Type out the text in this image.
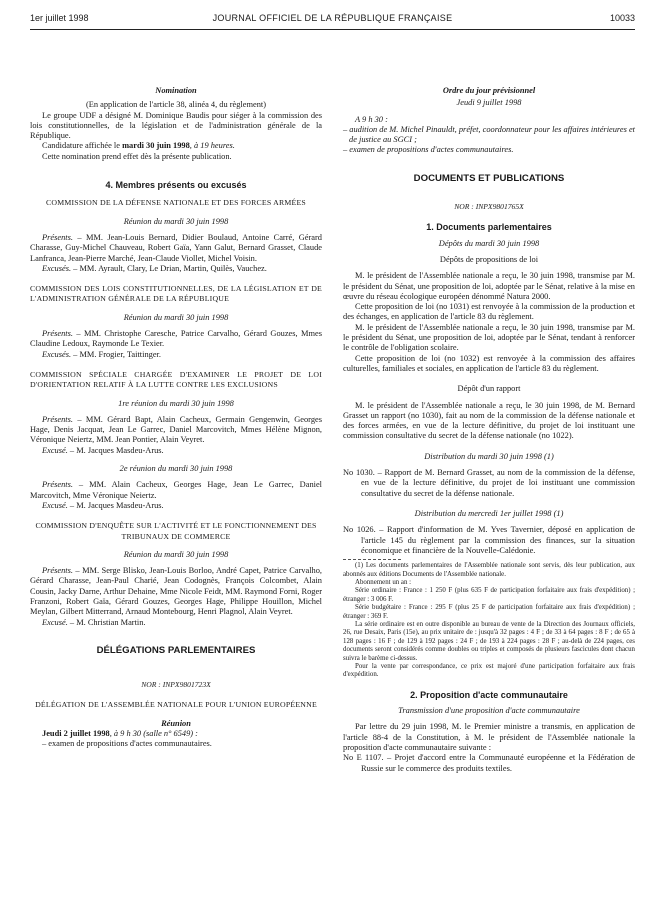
1er juillet 1998	JOURNAL OFFICIEL DE LA RÉPUBLIQUE FRANÇAISE	10033

Nomination

(En application de l'article 38, alinéa 4, du règlement)

Le groupe UDF a désigné M. Dominique Baudis pour siéger à la commission des lois constitutionnelles, de la législation et de l'administration générale de la République.

Candidature affichée le mardi 30 juin 1998, à 19 heures.

Cette nomination prend effet dès la présente publication.

4. Membres présents ou excusés

COMMISSION DE LA DÉFENSE NATIONALE ET DES FORCES ARMÉES

Réunion du mardi 30 juin 1998

Présents. – MM. Jean-Louis Bernard, Didier Boulaud, Antoine Carré, Gérard Charasse, Guy-Michel Chauveau, Robert Gaïa, Yann Galut, Bernard Grasset, Claude Lanfranca, Jean-Pierre Marché, Jean-Claude Viollet, Michel Voisin.

Excusés. – MM. Ayrault, Clary, Le Drian, Martin, Quilès, Vauchez.

COMMISSION DES LOIS CONSTITUTIONNELLES, DE LA LÉGISLATION ET DE L'ADMINISTRATION GÉNÉRALE DE LA RÉPUBLIQUE

Réunion du mardi 30 juin 1998

Présents. – MM. Christophe Caresche, Patrice Carvalho, Gérard Gouzes, Mmes Claudine Ledoux, Raymonde Le Texier.

Excusés. – MM. Frogier, Taittinger.

COMMISSION SPÉCIALE CHARGÉE D'EXAMINER LE PROJET DE LOI D'ORIENTATION RELATIF À LA LUTTE CONTRE LES EXCLUSIONS

1re réunion du mardi 30 juin 1998

Présents. – MM. Gérard Bapt, Alain Cacheux, Germain Gengenwin, Georges Hage, Denis Jacquat, Jean Le Garrec, Daniel Marcovitch, Mmes Hélène Mignon, Véronique Neiertz, MM. Jean Pontier, Alain Veyret.

Excusé. – M. Jacques Masdeu-Arus.

2e réunion du mardi 30 juin 1998

Présents. – MM. Alain Cacheux, Georges Hage, Jean Le Garrec, Daniel Marcovitch, Mme Véronique Neiertz.

Excusé. – M. Jacques Masdeu-Arus.

COMMISSION D'ENQUÊTE SUR L'ACTIVITÉ ET LE FONCTIONNEMENT DES TRIBUNAUX DE COMMERCE

Réunion du mardi 30 juin 1998

Présents. – MM. Serge Blisko, Jean-Louis Borloo, André Capet, Patrice Carvalho, Gérard Charasse, Jean-Paul Charié, Jean Codognès, François Colcombet, Alain Cousin, Jacky Darne, Arthur Dehaine, Mme Nicole Feidt, MM. Raymond Forni, Roger Franzoni, Robert Gaïa, Gérard Gouzes, Georges Hage, Philippe Houillon, Michel Meylan, Gilbert Mitterrand, Arnaud Montebourg, Henri Plagnol, Alain Veyret.

Excusé. – M. Christian Martin.

DÉLÉGATIONS PARLEMENTAIRES

NOR : INPX9801723X

DÉLÉGATION DE L'ASSEMBLÉE NATIONALE POUR L'UNION EUROPÉENNE

Réunion

Jeudi 2 juillet 1998, à 9 h 30 (salle n° 6549) :

– examen de propositions d'actes communautaires.

Ordre du jour prévisionnel

Jeudi 9 juillet 1998

A 9 h 30 :

– audition de M. Michel Pinauldt, préfet, coordonnateur pour les affaires intérieures et de justice au SGCI ;

– examen de propositions d'actes communautaires.

DOCUMENTS ET PUBLICATIONS

NOR : INPX9801765X

1. Documents parlementaires

Dépôts du mardi 30 juin 1998

Dépôts de propositions de loi

M. le président de l'Assemblée nationale a reçu, le 30 juin 1998, transmise par M. le président du Sénat, une proposition de loi, adoptée par le Sénat, relative à la mise en œuvre du réseau écologique européen dénommé Natura 2000.

Cette proposition de loi (no 1031) est renvoyée à la commission de la production et des échanges, en application de l'article 83 du règlement.

M. le président de l'Assemblée nationale a reçu, le 30 juin 1998, transmise par M. le président du Sénat, une proposition de loi, adoptée par le Sénat, tendant à renforcer le contrôle de l'obligation scolaire.

Cette proposition de loi (no 1032) est renvoyée à la commission des affaires culturelles, familiales et sociales, en application de l'article 83 du règlement.

Dépôt d'un rapport

M. le président de l'Assemblée nationale a reçu, le 30 juin 1998, de M. Bernard Grasset un rapport (no 1030), fait au nom de la commission de la défense nationale et des forces armées, en vue de la lecture définitive, du projet de loi instituant une commission consultative du secret de la défense nationale (no 1022).

Distribution du mardi 30 juin 1998 (1)

No 1030. – Rapport de M. Bernard Grasset, au nom de la commission de la défense, en vue de la lecture définitive, du projet de loi instituant une commission consultative du secret de la défense nationale.

Distribution du mercredi 1er juillet 1998 (1)

No 1026. – Rapport d'information de M. Yves Tavernier, déposé en application de l'article 145 du règlement par la commission des finances, sur la situation économique et financière de la Nouvelle-Calédonie.

(1) Les documents parlementaires de l'Assemblée nationale sont servis, dès leur publication, aux abonnés aux éditions Documents de l'Assemblée nationale.

Abonnement un an :

Série ordinaire : France : 1 250 F (plus 635 F de participation forfaitaire aux frais d'expédition) ; étranger : 3 006 F.

Série budgétaire : France : 295 F (plus 25 F de participation forfaitaire aux frais d'expédition) ; étranger : 369 F.

La série ordinaire est en outre disponible au bureau de vente de la Direction des Journaux officiels, 26, rue Desaix, Paris (15e), au prix unitaire de : jusqu'à 32 pages : 4 F ; de 33 à 64 pages : 8 F ; de 65 à 128 pages : 16 F ; de 129 à 192 pages : 24 F ; de 193 à 224 pages : 28 F ; au-delà de 224 pages, ces documents seront considérés comme doubles ou triples et composés de plusieurs fascicules dont chacun suivra le barème ci-dessus.

Pour la vente par correspondance, ce prix est majoré d'une participation forfaitaire aux frais d'expédition.

2. Proposition d'acte communautaire

Transmission d'une proposition d'acte communautaire

Par lettre du 29 juin 1998, M. le Premier ministre a transmis, en application de l'article 88-4 de la Constitution, à M. le président de l'Assemblée nationale la proposition d'acte communautaire suivante :

No E 1107. – Projet d'accord entre la Communauté européenne et la Fédération de Russie sur le commerce des produits textiles.
